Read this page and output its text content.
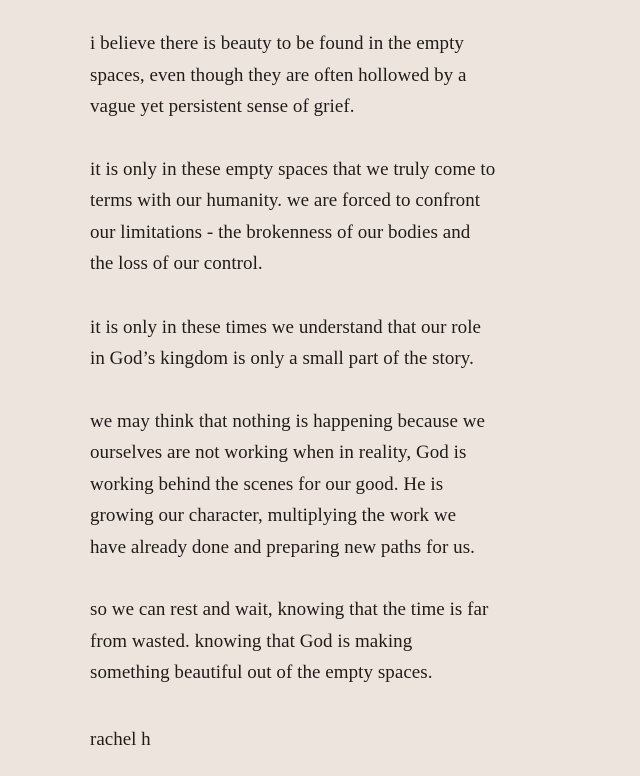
i believe there is beauty to be found in the empty
spaces, even though they are often hollowed by a
vague yet persistent sense of grief.

it is only in these empty spaces that we truly come to
terms with our humanity. we are forced to confront
our limitations - the brokenness of our bodies and
the loss of our control.

it is only in these times we understand that our role
in God’s kingdom is only a small part of the story.

we may think that nothing is happening because we
ourselves are not working when in reality, God is
working behind the scenes for our good. He is
growing our character, multiplying the work we
have already done and preparing new paths for us.

so we can rest and wait, knowing that the time is far
from wasted. knowing that God is making
something beautiful out of the empty spaces.

rachel h
